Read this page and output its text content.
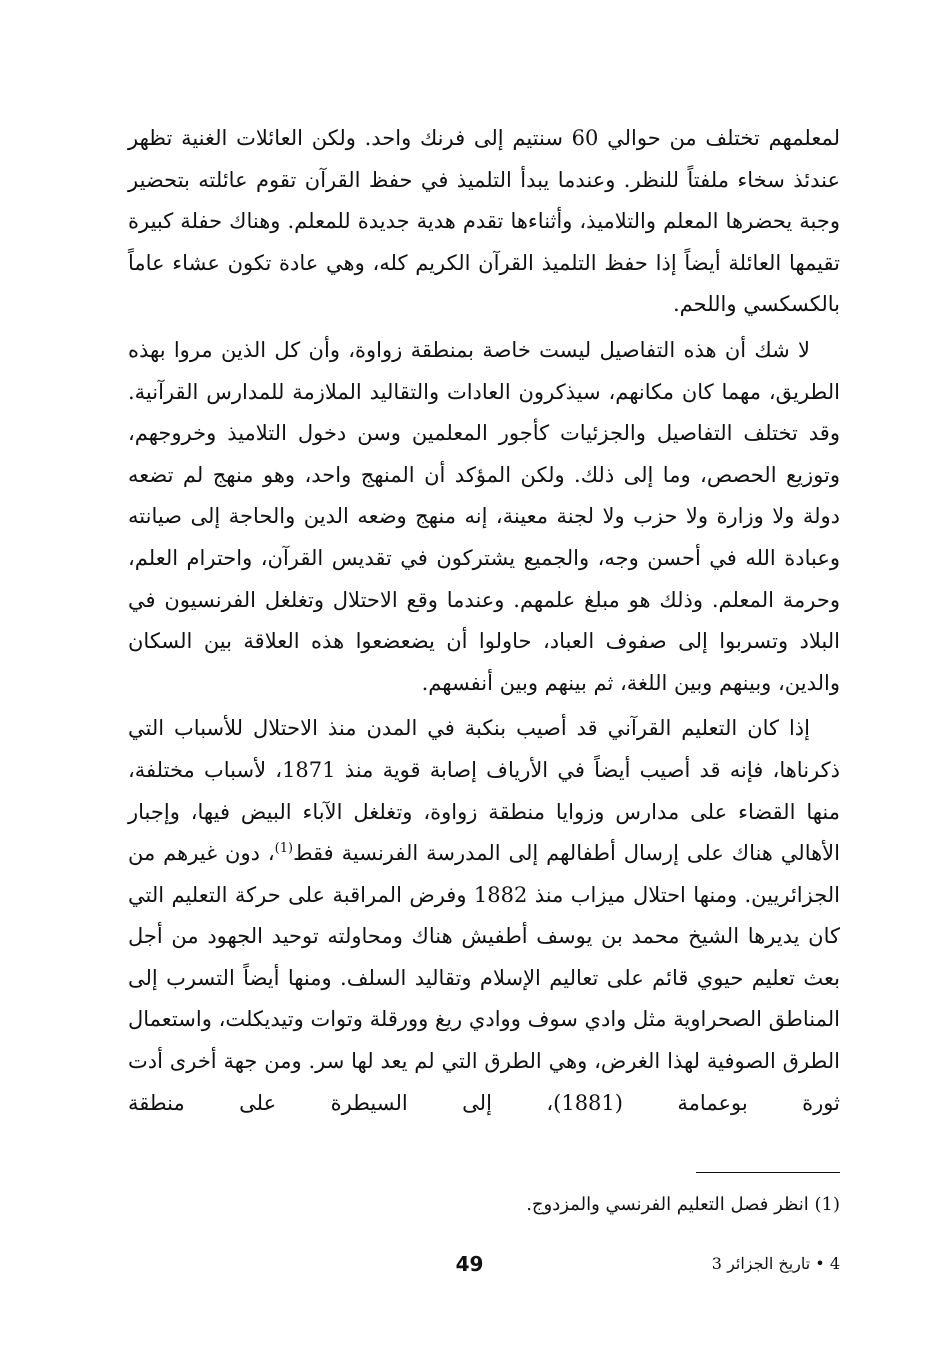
لمعلمهم تختلف من حوالي 60 سنتيم إلى فرنك واحد. ولكن العائلات الغنية تظهر عندئذ سخاء ملفتاً للنظر. وعندما يبدأ التلميذ في حفظ القرآن تقوم عائلته بتحضير وجبة يحضرها المعلم والتلاميذ، وأثناءها تقدم هدية جديدة للمعلم. وهناك حفلة كبيرة تقيمها العائلة أيضاً إذا حفظ التلميذ القرآن الكريم كله، وهي عادة تكون عشاء عاماً بالكسكسي واللحم.

لا شك أن هذه التفاصيل ليست خاصة بمنطقة زواوة، وأن كل الذين مروا بهذه الطريق، مهما كان مكانهم، سيذكرون العادات والتقاليد الملازمة للمدارس القرآنية. وقد تختلف التفاصيل والجزئيات كأجور المعلمين وسن دخول التلاميذ وخروجهم، وتوزيع الحصص، وما إلى ذلك. ولكن المؤكد أن المنهج واحد، وهو منهج لم تضعه دولة ولا وزارة ولا حزب ولا لجنة معينة، إنه منهج وضعه الدين والحاجة إلى صيانته وعبادة الله في أحسن وجه، والجميع يشتركون في تقديس القرآن، واحترام العلم، وحرمة المعلم. وذلك هو مبلغ علمهم. وعندما وقع الاحتلال وتغلغل الفرنسيون في البلاد وتسربوا إلى صفوف العباد، حاولوا أن يضعضعوا هذه العلاقة بين السكان والدين، وبينهم وبين اللغة، ثم بينهم وبين أنفسهم.

إذا كان التعليم القرآني قد أصيب بنكبة في المدن منذ الاحتلال للأسباب التي ذكرناها، فإنه قد أصيب أيضاً في الأرياف إصابة قوية منذ 1871، لأسباب مختلفة، منها القضاء على مدارس وزوايا منطقة زواوة، وتغلغل الآباء البيض فيها، وإجبار الأهالي هناك على إرسال أطفالهم إلى المدرسة الفرنسية فقط$^{(1)}$، دون غيرهم من الجزائريين. ومنها احتلال ميزاب منذ 1882 وفرض المراقبة على حركة التعليم التي كان يديرها الشيخ محمد بن يوسف أطفيش هناك ومحاولته توحيد الجهود من أجل بعث تعليم حيوي قائم على تعاليم الإسلام وتقاليد السلف. ومنها أيضاً التسرب إلى المناطق الصحراوية مثل وادي سوف ووادي ريغ وورقلة وتوات وتيديكلت، واستعمال الطرق الصوفية لهذا الغرض، وهي الطرق التي لم يعد لها سر. ومن جهة أخرى أدت ثورة بوعمامة (1881)، إلى السيطرة على منطقة

(1) انظر فصل التعليم الفرنسي والمزدوج.
49	4 • تاريخ الجزائر 3
